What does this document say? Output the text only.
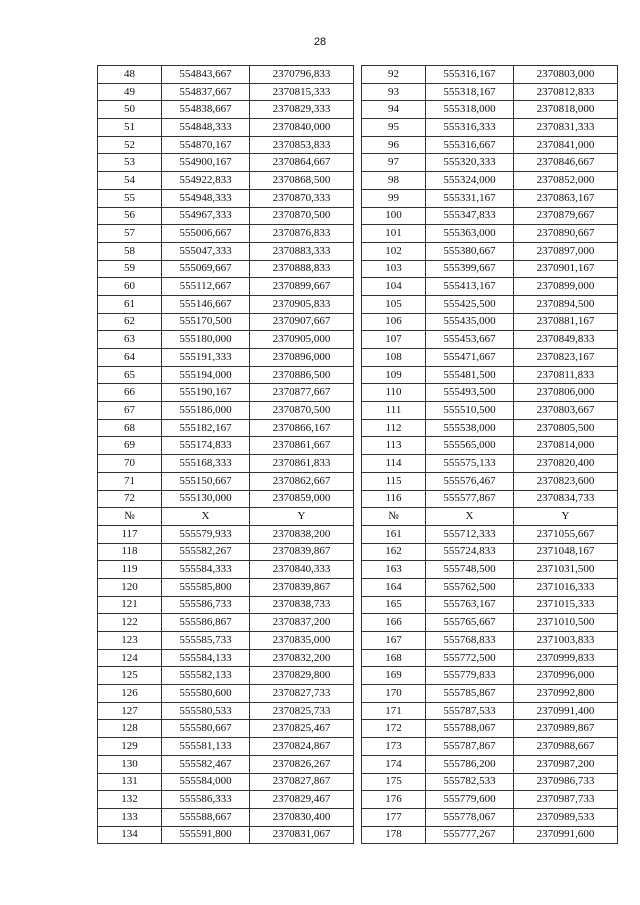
28
48	554843,667	2370796,833
49	554837,667	2370815,333
50	554838,667	2370829,333
51	554848,333	2370840,000
52	554870,167	2370853,833
53	554900,167	2370864,667
54	554922,833	2370868,500
55	554948,333	2370870,333
56	554967,333	2370870,500
57	555006,667	2370876,833
58	555047,333	2370883,333
59	555069,667	2370888,833
60	555112,667	2370899,667
61	555146,667	2370905,833
62	555170,500	2370907,667
63	555180,000	2370905,000
64	555191,333	2370896,000
65	555194,000	2370886,500
66	555190,167	2370877,667
67	555186,000	2370870,500
68	555182,167	2370866,167
69	555174,833	2370861,667
70	555168,333	2370861,833
71	555150,667	2370862,667
72	555130,000	2370859,000
№	X	Y
117	555579,933	2370838,200
118	555582,267	2370839,867
119	555584,333	2370840,333
120	555585,800	2370839,867
121	555586,733	2370838,733
122	555586,867	2370837,200
123	555585,733	2370835,000
124	555584,133	2370832,200
125	555582,133	2370829,800
126	555580,600	2370827,733
127	555580,533	2370825,733
128	555580,667	2370825,467
129	555581,133	2370824,867
130	555582,467	2370826,267
131	555584,000	2370827,867
132	555586,333	2370829,467
133	555588,667	2370830,400
134	555591,800	2370831,067
92	555316,167	2370803,000
93	555318,167	2370812,833
94	555318,000	2370818,000
95	555316,333	2370831,333
96	555316,667	2370841,000
97	555320,333	2370846,667
98	555324,000	2370852,000
99	555331,167	2370863,167
100	555347,833	2370879,667
101	555363,000	2370890,667
102	555380,667	2370897,000
103	555399,667	2370901,167
104	555413,167	2370899,000
105	555425,500	2370894,500
106	555435,000	2370881,167
107	555453,667	2370849,833
108	555471,667	2370823,167
109	555481,500	2370811,833
110	555493,500	2370806,000
111	555510,500	2370803,667
112	555538,000	2370805,500
113	555565,000	2370814,000
114	555575,133	2370820,400
115	555576,467	2370823,600
116	555577,867	2370834,733
№	X	Y
161	555712,333	2371055,667
162	555724,833	2371048,167
163	555748,500	2371031,500
164	555762,500	2371016,333
165	555763,167	2371015,333
166	555765,667	2371010,500
167	555768,833	2371003,833
168	555772,500	2370999,833
169	555779,833	2370996,000
170	555785,867	2370992,800
171	555787,533	2370991,400
172	555788,067	2370989,867
173	555787,867	2370988,667
174	555786,200	2370987,200
175	555782,533	2370986,733
176	555779,600	2370987,733
177	555778,067	2370989,533
178	555777,267	2370991,600
